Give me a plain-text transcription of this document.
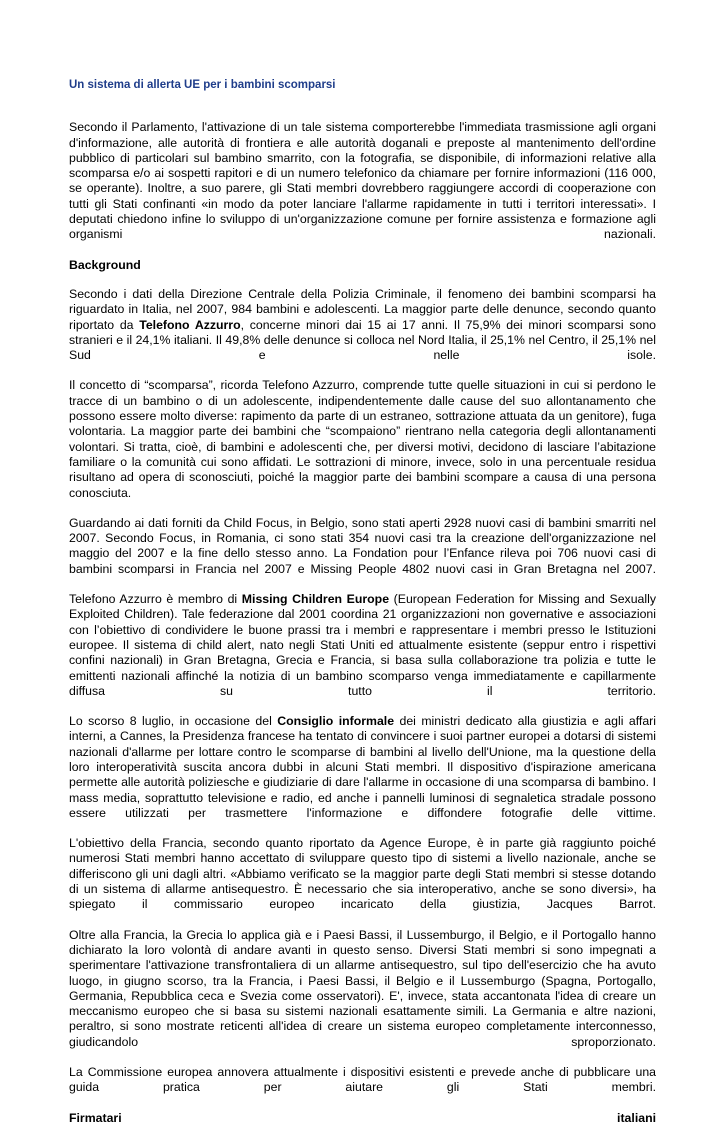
Un sistema di allerta UE per i bambini scomparsi

Secondo il Parlamento, l'attivazione di un tale sistema comporterebbe l'immediata trasmissione agli organi d'informazione, alle autorità di frontiera e alle autorità doganali e preposte al mantenimento dell'ordine pubblico di particolari sul bambino smarrito, con la fotografia, se disponibile, di informazioni relative alla scomparsa e/o ai sospetti rapitori e di un numero telefonico da chiamare per fornire informazioni (116 000, se operante). Inoltre, a suo parere, gli Stati membri dovrebbero raggiungere accordi di cooperazione con tutti gli Stati confinanti «in modo da poter lanciare l'allarme rapidamente in tutti i territori interessati». I deputati chiedono infine lo sviluppo di un'organizzazione comune per fornire assistenza e formazione agli organismi nazionali.

Background

Secondo i dati della Direzione Centrale della Polizia Criminale, il fenomeno dei bambini scomparsi ha riguardato in Italia, nel 2007, 984 bambini e adolescenti. La maggior parte delle denunce, secondo quanto riportato da Telefono Azzurro, concerne minori dai 15 ai 17 anni. Il 75,9% dei minori scomparsi sono stranieri e il 24,1% italiani. Il 49,8% delle denunce si colloca nel Nord Italia, il 25,1% nel Centro, il 25,1% nel Sud e nelle isole.

Il concetto di “scomparsa”, ricorda Telefono Azzurro, comprende tutte quelle situazioni in cui si perdono le tracce di un bambino o di un adolescente, indipendentemente dalle cause del suo allontanamento che possono essere molto diverse: rapimento da parte di un estraneo, sottrazione attuata da un genitore), fuga volontaria. La maggior parte dei bambini che “scompaiono” rientrano nella categoria degli allontanamenti volontari. Si tratta, cioè, di bambini e adolescenti che, per diversi motivi, decidono di lasciare l’abitazione familiare o la comunità cui sono affidati. Le sottrazioni di minore, invece, solo in una percentuale residua risultano ad opera di sconosciuti, poiché la maggior parte dei bambini scompare a causa di una persona conosciuta.

Guardando ai dati forniti da Child Focus, in Belgio, sono stati aperti 2928 nuovi casi di bambini smarriti nel 2007. Secondo Focus, in Romania, ci sono stati 354 nuovi casi tra la creazione dell'organizzazione nel maggio del 2007 e la fine dello stesso anno. La Fondation pour l’Enfance rileva poi 706 nuovi casi di bambini scomparsi in Francia nel 2007 e Missing People 4802 nuovi casi in Gran Bretagna nel 2007.

Telefono Azzurro è membro di Missing Children Europe (European Federation for Missing and Sexually Exploited Children). Tale federazione dal 2001 coordina 21 organizzazioni non governative e associazioni con l’obiettivo di condividere le buone prassi tra i membri e rappresentare i membri presso le Istituzioni europee. Il sistema di child alert, nato negli Stati Uniti ed attualmente esistente (seppur entro i rispettivi confini nazionali) in Gran Bretagna, Grecia e Francia, si basa sulla collaborazione tra polizia e tutte le emittenti nazionali affinché la notizia di un bambino scomparso venga immediatamente e capillarmente diffusa su tutto il territorio.

Lo scorso 8 luglio, in occasione del Consiglio informale dei ministri dedicato alla giustizia e agli affari interni, a Cannes, la Presidenza francese ha tentato di convincere i suoi partner europei a dotarsi di sistemi nazionali d'allarme per lottare contro le scomparse di bambini al livello dell'Unione, ma la questione della loro interoperatività suscita ancora dubbi in alcuni Stati membri. Il dispositivo d'ispirazione americana permette alle autorità poliziesche e giudiziarie di dare l'allarme in occasione di una scomparsa di bambino. I mass media, soprattutto televisione e radio, ed anche i pannelli luminosi di segnaletica stradale possono essere utilizzati per trasmettere l'informazione e diffondere fotografie delle vittime.

L'obiettivo della Francia, secondo quanto riportato da Agence Europe, è in parte già raggiunto poiché numerosi Stati membri hanno accettato di sviluppare questo tipo di sistemi a livello nazionale, anche se differiscono gli uni dagli altri. «Abbiamo verificato se la maggior parte degli Stati membri si stesse dotando di un sistema di allarme antisequestro. È necessario che sia interoperativo, anche se sono diversi», ha spiegato il commissario europeo incaricato della giustizia, Jacques Barrot.

Oltre alla Francia, la Grecia lo applica già e i Paesi Bassi, il Lussemburgo, il Belgio, e il Portogallo hanno dichiarato la loro volontà di andare avanti in questo senso. Diversi Stati membri si sono impegnati a sperimentare l'attivazione transfrontaliera di un allarme antisequestro, sul tipo dell'esercizio che ha avuto luogo, in giugno scorso, tra la Francia, i Paesi Bassi, il Belgio e il Lussemburgo (Spagna, Portogallo, Germania, Repubblica ceca e Svezia come osservatori). E', invece, stata accantonata l'idea di creare un meccanismo europeo che si basa su sistemi nazionali esattamente simili. La Germania e altre nazioni, peraltro, si sono mostrate reticenti all'idea di creare un sistema europeo completamente interconnesso, giudicandolo sproporzionato.

La Commissione europea annovera attualmente i dispositivi esistenti e prevede anche di pubblicare una guida pratica per aiutare gli Stati membri.

Firmatari	italiani
